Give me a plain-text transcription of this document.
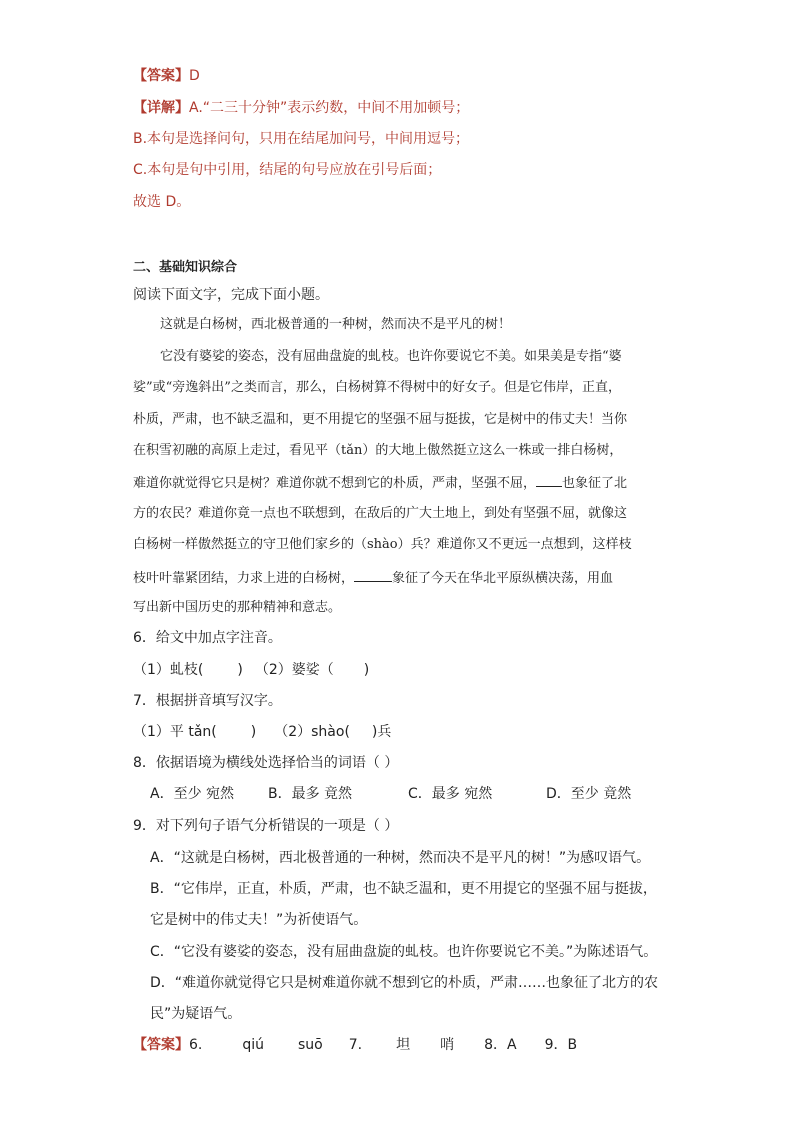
【答案】D
【详解】A.“二三十分钟”表示约数，中间不用加顿号；
B.本句是选择问句，只用在结尾加问号，中间用逗号；
C.本句是句中引用，结尾的句号应放在引号后面；
故选 D。
二、基础知识综合
阅读下面文字，完成下面小题。
这就是白杨树，西北极普通的一种树，然而决不是平凡的树！
它没有婆娑的姿态，没有屈曲盘旋的虬枝。也许你要说它不美。如果美是专指“婆
娑”或“旁逸斜出”之类而言，那么，白杨树算不得树中的好女子。但是它伟岸，正直，
朴质，严肃，也不缺乏温和，更不用提它的坚强不屈与挺拔，它是树中的伟丈夫！当你
在积雪初融的高原上走过，看见平（tǎn）的大地上傲然挺立这么一株或一排白杨树，
难道你就觉得它只是树？难道你就不想到它的朴质，严肃，坚强不屈， 也象征了北
方的农民？难道你竟一点也不联想到，在敌后的广大土地上，到处有坚强不屈，就像这
白杨树一样傲然挺立的守卫他们家乡的（shào）兵？难道你又不更远一点想到，这样枝
枝叶叶靠紧团结，力求上进的白杨树，	象征了今天在华北平原纵横决荡，用血
写出新中国历史的那种精神和意志。
6．给文中加点字注音。
（1）虬枝( ) （2）婆娑（ )
7．根据拼音填写汉字。
（1）平 tǎn( ) （2）shào( )兵
8．依据语境为横线处选择恰当的词语（ ）
A．至少 宛然 B．最多 竟然	C．最多 宛然	D．至少 竟然
9．对下列句子语气分析错误的一项是（ ）
A．“这就是白杨树，西北极普通的一种树，然而决不是平凡的树！”为感叹语气。
B．“它伟岸，正直，朴质，严肃，也不缺乏温和，更不用提它的坚强不屈与挺拔，
它是树中的伟丈夫！”为祈使语气。
C．“它没有婆娑的姿态，没有屈曲盘旋的虬枝。也许你要说它不美。”为陈述语气。
D．“难道你就觉得它只是树难道你就不想到它的朴质，严肃……也象征了北方的农
民”为疑语气。
【答案】6.	qiú suō 7. 坦 哨 8．A 9．B
